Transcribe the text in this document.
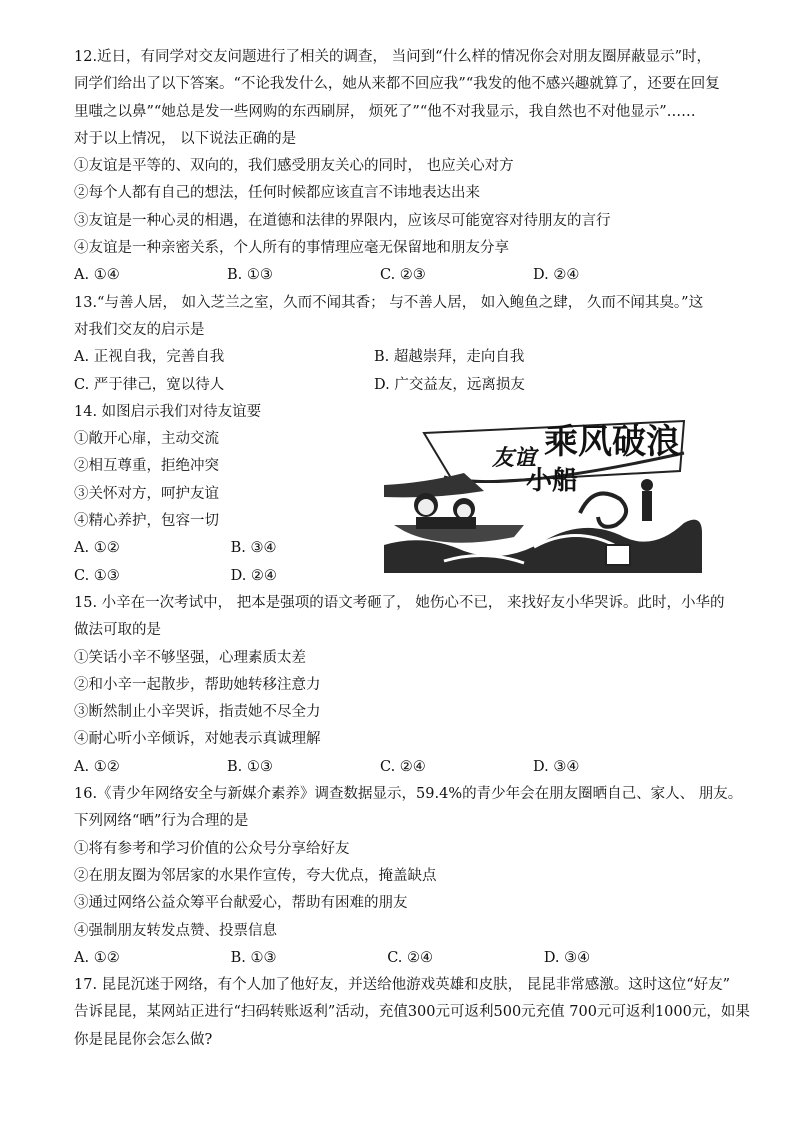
12.近日，有同学对交友问题进行了相关的调查， 当问到“什么样的情况你会对朋友圈屏蔽显示”时，
同学们给出了以下答案。“不论我发什么，她从来都不回应我”“我发的他不感兴趣就算了，还要在回复
里嗤之以鼻”“她总是发一些网购的东西刷屏， 烦死了”“他不对我显示，我自然也不对他显示”……
对于以上情况， 以下说法正确的是
①友谊是平等的、双向的，我们感受朋友关心的同时， 也应关心对方
②每个人都有自己的想法，任何时候都应该直言不讳地表达出来
③友谊是一种心灵的相遇，在道德和法律的界限内，应该尽可能宽容对待朋友的言行
④友谊是一种亲密关系，个人所有的事情理应毫无保留地和朋友分享
A. ①④	B. ①③	C. ②③	D. ②④
13.“与善人居， 如入芝兰之室，久而不闻其香； 与不善人居， 如入鲍鱼之肆， 久而不闻其臭。”这
对我们交友的启示是
A. 正视自我，完善自我	B. 超越崇拜，走向自我
C. 严于律己，宽以待人	D. 广交益友，远离损友
14. 如图启示我们对待友谊要
①敞开心扉，主动交流
②相互尊重，拒绝冲突
③关怀对方，呵护友谊
④精心养护，包容一切
A. ①②	B. ③④
C. ①③	D. ②④
友谊 乘风破浪
小船
15. 小辛在一次考试中， 把本是强项的语文考砸了， 她伤心不已， 来找好友小华哭诉。此时，小华的
做法可取的是
①笑话小辛不够坚强，心理素质太差
②和小辛一起散步，帮助她转移注意力
③断然制止小辛哭诉，指责她不尽全力
④耐心听小辛倾诉，对她表示真诚理解
A. ①②	B. ①③	C. ②④	D. ③④
16.《青少年网络安全与新媒介素养》调查数据显示，59.4%的青少年会在朋友圈晒自己、家人、 朋友。
下列网络“晒”行为合理的是
①将有参考和学习价值的公众号分享给好友
②在朋友圈为邻居家的水果作宣传，夸大优点，掩盖缺点
③通过网络公益众筹平台献爱心，帮助有困难的朋友
④强制朋友转发点赞、投票信息
A. ①②	B. ①③	C. ②④	D. ③④
17. 昆昆沉迷于网络，有个人加了他好友，并送给他游戏英雄和皮肤， 昆昆非常感激。这时这位“好友”
告诉昆昆，某网站正进行“扫码转账返利”活动，充值300元可返利500元充值 700元可返利1000元，如果
你是昆昆你会怎么做?
